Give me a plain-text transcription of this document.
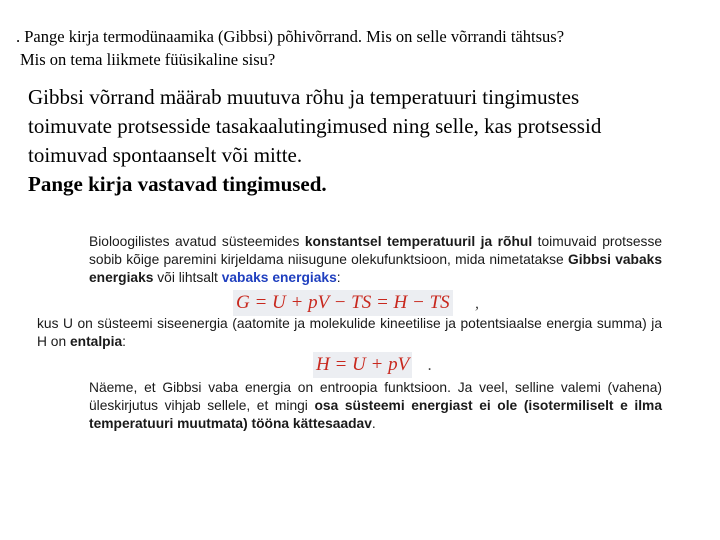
. Pange kirja termodünaamika (Gibbsi) põhivõrrand. Mis on selle võrrandi tähtsus?
Mis on tema liikmete füüsikaline sisu?
Gibbsi võrrand määrab muutuva rõhu ja temperatuuri tingimustes
toimuvate protsesside tasakaalutingimused ning selle, kas protsessid
toimuvad spontaanselt või mitte.
Pange kirja vastavad tingimused.
Bioloogilistes avatud süsteemides konstantsel temperatuuril ja rõhul toimuvaid protsesse sobib kõige paremini kirjeldama niisugune olekufunktsioon, mida nimetatakse Gibbsi vabaks energiaks või lihtsalt vabaks energiaks:
G = U + pV − TS = H − TS ,
kus U on süsteemi siseenergia (aatomite ja molekulide kineetilise ja potentsiaalse energia summa) ja H on entalpia:
H = U + pV .
Näeme, et Gibbsi vaba energia on entroopia funktsioon. Ja veel, selline valemi (vahena) üleskirjutus vihjab sellele, et mingi osa süsteemi energiast ei ole (isotermiliselt e ilma temperatuuri muutmata) tööna kättesaadav.
